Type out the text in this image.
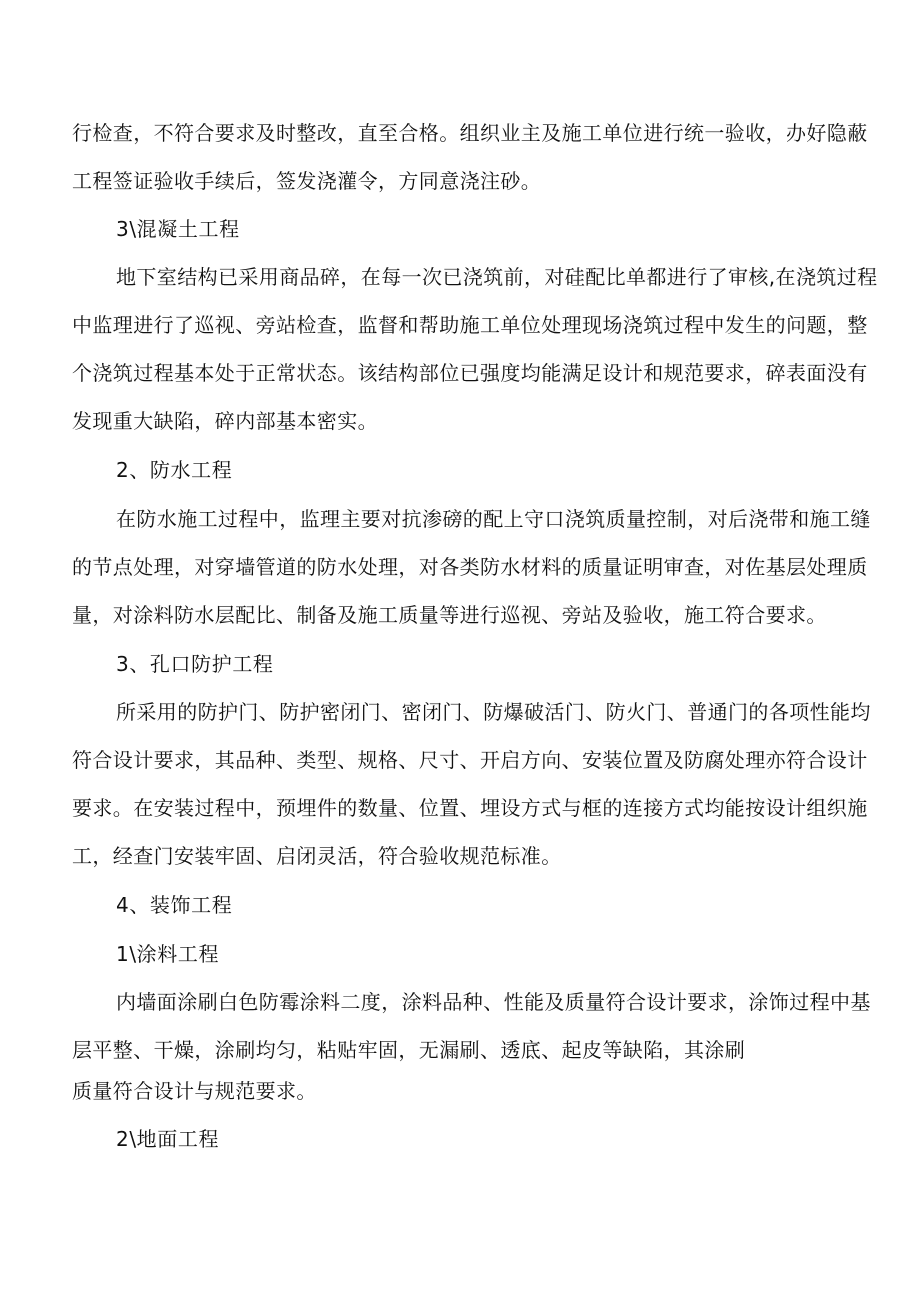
行检查，不符合要求及时整改，直至合格。组织业主及施工单位进行统一验收，办好隐蔽
工程签证验收手续后，签发浇灌令，方同意浇注砂。
3\混凝土工程
地下室结构已采用商品碎，在每一次已浇筑前，对硅配比单都进行了审核,在浇筑过程
中监理进行了巡视、旁站检查，监督和帮助施工单位处理现场浇筑过程中发生的问题，整
个浇筑过程基本处于正常状态。该结构部位已强度均能满足设计和规范要求，碎表面没有
发现重大缺陷，碎内部基本密实。
2、防水工程
在防水施工过程中，监理主要对抗渗磅的配上守口浇筑质量控制，对后浇带和施工缝
的节点处理，对穿墙管道的防水处理，对各类防水材料的质量证明审查，对佐基层处理质
量，对涂料防水层配比、制备及施工质量等进行巡视、旁站及验收，施工符合要求。
3、孔口防护工程
所采用的防护门、防护密闭门、密闭门、防爆破活门、防火门、普通门的各项性能均
符合设计要求，其品种、类型、规格、尺寸、开启方向、安装位置及防腐处理亦符合设计
要求。在安装过程中，预埋件的数量、位置、埋设方式与框的连接方式均能按设计组织施
工，经查门安装牢固、启闭灵活，符合验收规范标准。
4、装饰工程
1\涂料工程
内墙面涂刷白色防霉涂料二度，涂料品种、性能及质量符合设计要求，涂饰过程中基
层平整、干燥，涂刷均匀，粘贴牢固，无漏刷、透底、起皮等缺陷，其涂刷
质量符合设计与规范要求。
2\地面工程
